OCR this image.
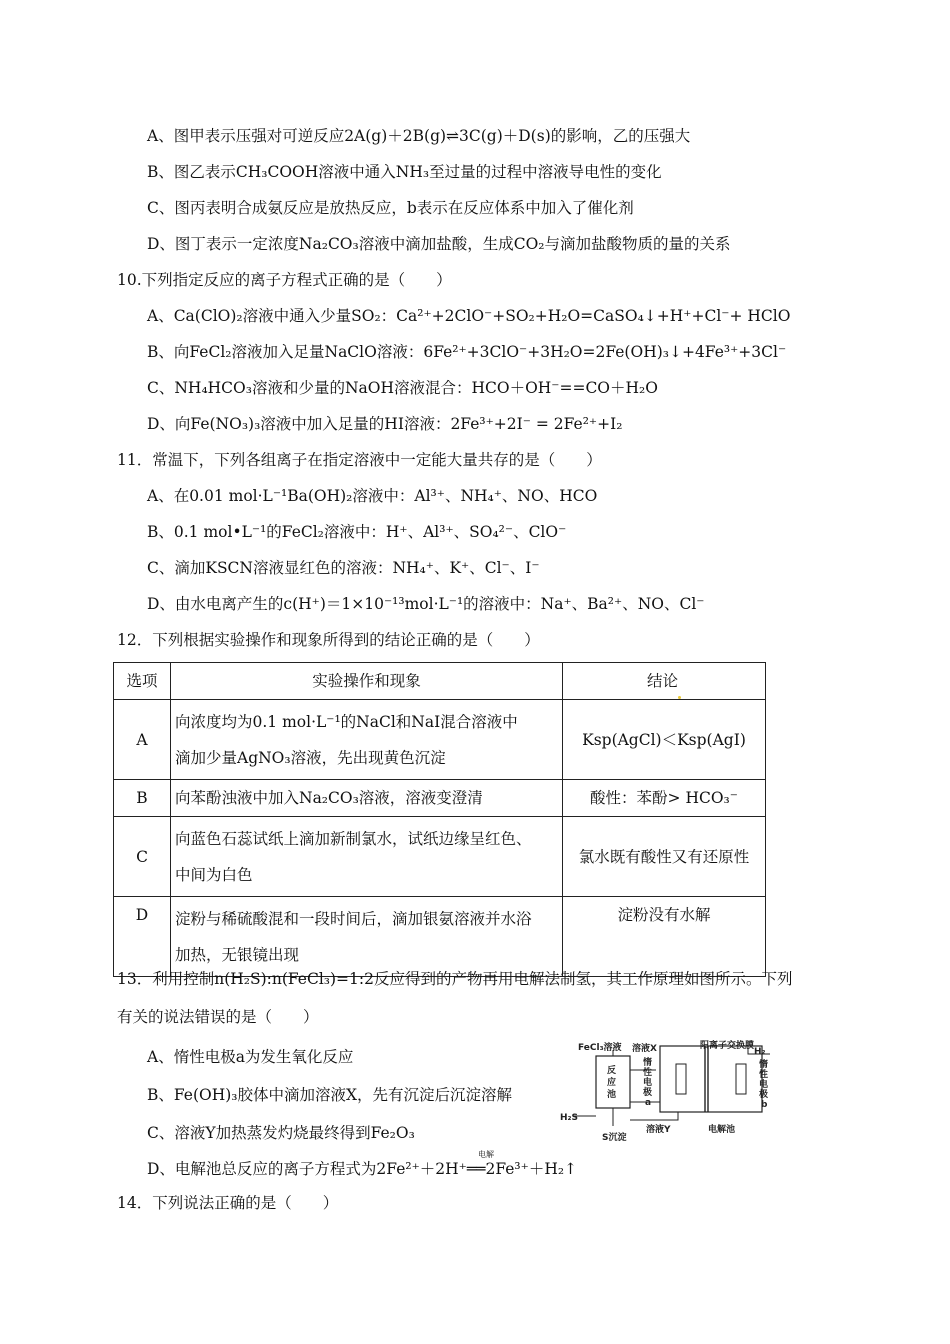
A、图甲表示压强对可逆反应2A(g)＋2B(g)⇌3C(g)＋D(s)的影响，乙的压强大
B、图乙表示CH₃COOH溶液中通入NH₃至过量的过程中溶液导电性的变化
C、图丙表明合成氨反应是放热反应，b表示在反应体系中加入了催化剂
D、图丁表示一定浓度Na₂CO₃溶液中滴加盐酸，生成CO₂与滴加盐酸物质的量的关系
10.下列指定反应的离子方程式正确的是（　　）
A、Ca(ClO)₂溶液中通入少量SO₂：Ca²⁺+2ClO⁻+SO₂+H₂O=CaSO₄↓+H⁺+Cl⁻+ HClO
B、向FeCl₂溶液加入足量NaClO溶液：6Fe²⁺+3ClO⁻+3H₂O=2Fe(OH)₃↓+4Fe³⁺+3Cl⁻
C、NH₄HCO₃溶液和少量的NaOH溶液混合：HCO＋OH⁻==CO＋H₂O
D、向Fe(NO₃)₃溶液中加入足量的HI溶液：2Fe³⁺+2I⁻ = 2Fe²⁺+I₂
11．常温下，下列各组离子在指定溶液中一定能大量共存的是（　　）
A、在0.01 mol·L⁻¹Ba(OH)₂溶液中：Al³⁺、NH₄⁺、NO、HCO
B、0.1 mol•L⁻¹的FeCl₂溶液中：H⁺、Al³⁺、SO₄²⁻、ClO⁻
C、滴加KSCN溶液显红色的溶液：NH₄⁺、K⁺、Cl⁻、I⁻
D、由水电离产生的c(H⁺)＝1×10⁻¹³mol·L⁻¹的溶液中：Na⁺、Ba²⁺、NO、Cl⁻
12．下列根据实验操作和现象所得到的结论正确的是（　　）
选项	实验操作和现象	结论
A	向浓度均为0.1 mol·L⁻¹的NaCl和NaI混合溶液中
滴加少量AgNO₃溶液，先出现黄色沉淀	Ksp(AgCl)＜Ksp(AgI)
B	向苯酚浊液中加入Na₂CO₃溶液，溶液变澄清	酸性：苯酚> HCO₃⁻
C	向蓝色石蕊试纸上滴加新制氯水，试纸边缘呈红色、
中间为白色	氯水既有酸性又有还原性
D	淀粉与稀硫酸混和一段时间后，滴加银氨溶液并水浴
加热，无银镜出现	淀粉没有水解
13．利用控制n(H₂S):n(FeCl₃)=1:2反应得到的产物再用电解法制氢，其工作原理如图所示。下列
有关的说法错误的是（　　）
A、惰性电极a为发生氧化反应
B、Fe(OH)₃胶体中滴加溶液X，先有沉淀后沉淀溶解
C、溶液Y加热蒸发灼烧最终得到Fe₂O₃
D、电解池总反应的离子方程式为2Fe²⁺＋2H⁺══2Fe³⁺＋H₂↑
电解
反
应
池
FeCl₃溶液 溶液X	阳离子交换膜
H₂
惰
性
电
极
a
惰
性
电
极
b
H₂S
S沉淀
溶液Y	电解池
14．下列说法正确的是（　　）
